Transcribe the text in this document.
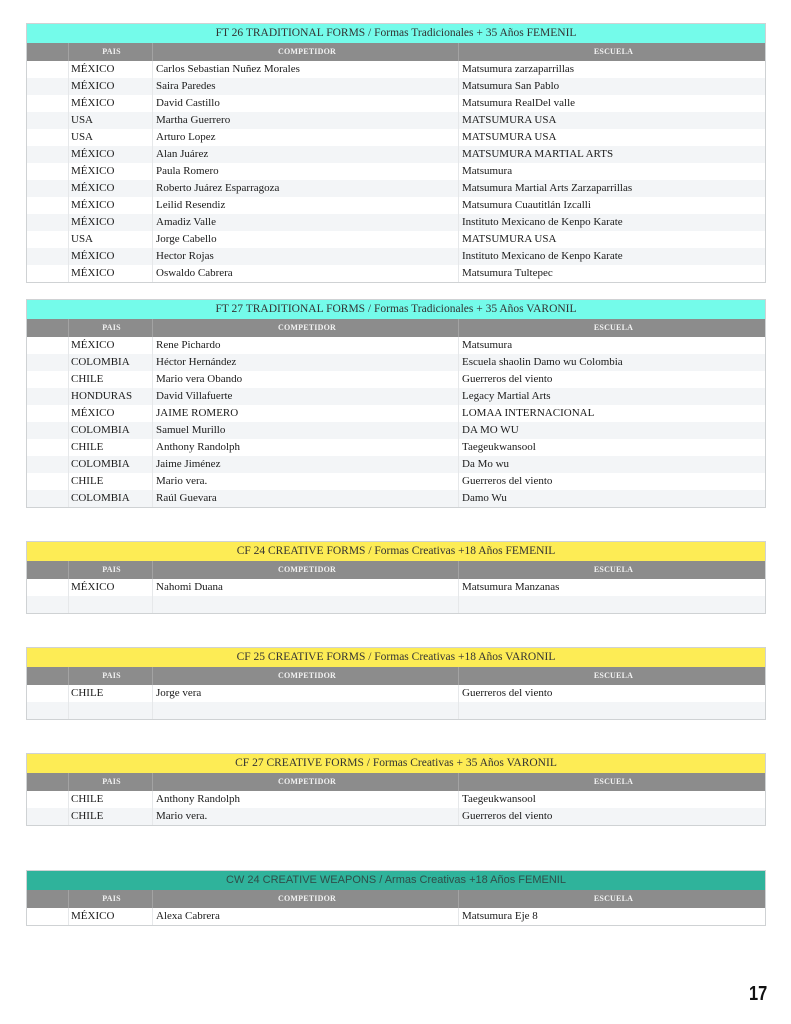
FT 26 TRADITIONAL FORMS / Formas Tradicionales + 35 Años FEMENIL
PAIS	COMPETIDOR	ESCUELA
MÉXICO	Carlos Sebastian Nuñez Morales	Matsumura zarzaparrillas
MÉXICO	Saira Paredes	Matsumura San Pablo
MÉXICO	David Castillo	Matsumura RealDel valle
USA	Martha Guerrero	MATSUMURA USA
USA	Arturo Lopez	MATSUMURA USA
MÉXICO	Alan Juárez	MATSUMURA MARTIAL ARTS
MÉXICO	Paula Romero	Matsumura
MÉXICO	Roberto Juárez Esparragoza	Matsumura Martial Arts Zarzaparrillas
MÉXICO	Leilid Resendiz	Matsumura Cuautitlán Izcalli
MÉXICO	Amadiz Valle	Instituto Mexicano de Kenpo Karate
USA	Jorge Cabello	MATSUMURA USA
MÉXICO	Hector Rojas	Instituto Mexicano de Kenpo Karate
MÉXICO	Oswaldo Cabrera	Matsumura Tultepec
FT 27 TRADITIONAL FORMS / Formas Tradicionales + 35 Años VARONIL
PAIS	COMPETIDOR	ESCUELA
MÉXICO	Rene Pichardo	Matsumura
COLOMBIA	Héctor Hernández	Escuela shaolin Damo wu Colombia
CHILE	Mario vera Obando	Guerreros del viento
HONDURAS	David Villafuerte	Legacy Martial Arts
MÉXICO	JAIME ROMERO	LOMAA INTERNACIONAL
COLOMBIA	Samuel Murillo	DA MO WU
CHILE	Anthony Randolph	Taegeukwansool
COLOMBIA	Jaime Jiménez	Da Mo wu
CHILE	Mario vera.	Guerreros del viento
COLOMBIA	Raúl Guevara	Damo Wu
CF 24 CREATIVE FORMS / Formas Creativas +18 Años FEMENIL
PAIS	COMPETIDOR	ESCUELA
MÉXICO	Nahomi Duana	Matsumura Manzanas
CF 25 CREATIVE FORMS / Formas Creativas +18 Años VARONIL
PAIS	COMPETIDOR	ESCUELA
CHILE	Jorge vera	Guerreros del viento
CF 27 CREATIVE FORMS / Formas Creativas + 35 Años VARONIL
PAIS	COMPETIDOR	ESCUELA
CHILE	Anthony Randolph	Taegeukwansool
CHILE	Mario vera.	Guerreros del viento
CW 24 CREATIVE WEAPONS / Armas Creativas +18 Años FEMENIL
PAIS	COMPETIDOR	ESCUELA
MÉXICO	Alexa Cabrera	Matsumura Eje 8
17
